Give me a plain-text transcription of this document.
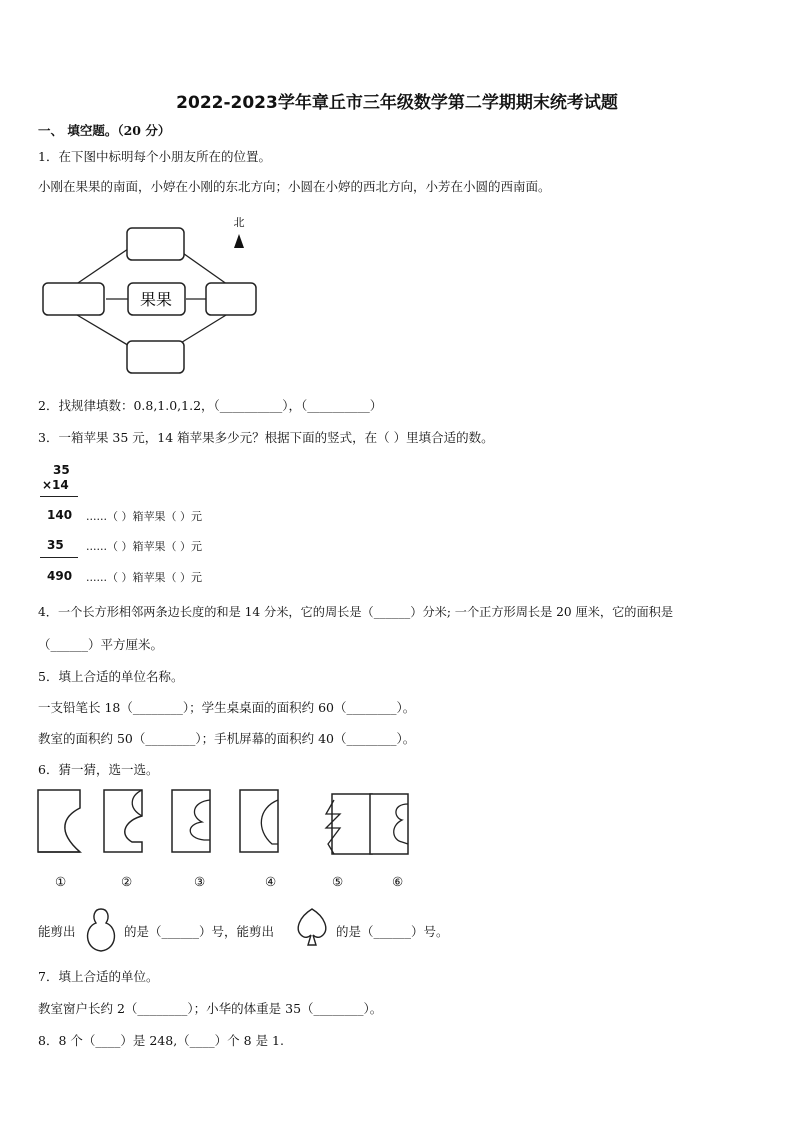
2022-2023学年章丘市三年级数学第二学期期末统考试题
一、 填空题。（20 分）
1．在下图中标明每个小朋友所在的位置。
小刚在果果的南面，小婷在小刚的东北方向；小圆在小婷的西北方向，小芳在小圆的西南面。
果果
北
2．找规律填数：0.8,1.0,1.2，（__________），（__________）
3．一箱苹果 35 元，14 箱苹果多少元？根据下面的竖式，在（ ）里填合适的数。
35
×14
140 ......（ ）箱苹果（ ）元
35 ......（ ）箱苹果（ ）元
490 ......（ ）箱苹果（ ）元
4．一个长方形相邻两条边长度的和是 14 分米，它的周长是（______）分米; 一个正方形周长是 20 厘米，它的面积是
（______）平方厘米。
5．填上合适的单位名称。
一支铅笔长 18（________）；学生桌桌面的面积约 60（________）。
教室的面积约 50（________）；手机屏幕的面积约 40（________）。
6．猜一猜，选一选。
①	②	③	④	⑤	⑥
能剪出	的是（______）号，能剪出	的是（______）号。
7．填上合适的单位。
教室窗户长约 2（________）；小华的体重是 35（________）。
8．8 个（____）是 248,（____）个 8 是 1.
